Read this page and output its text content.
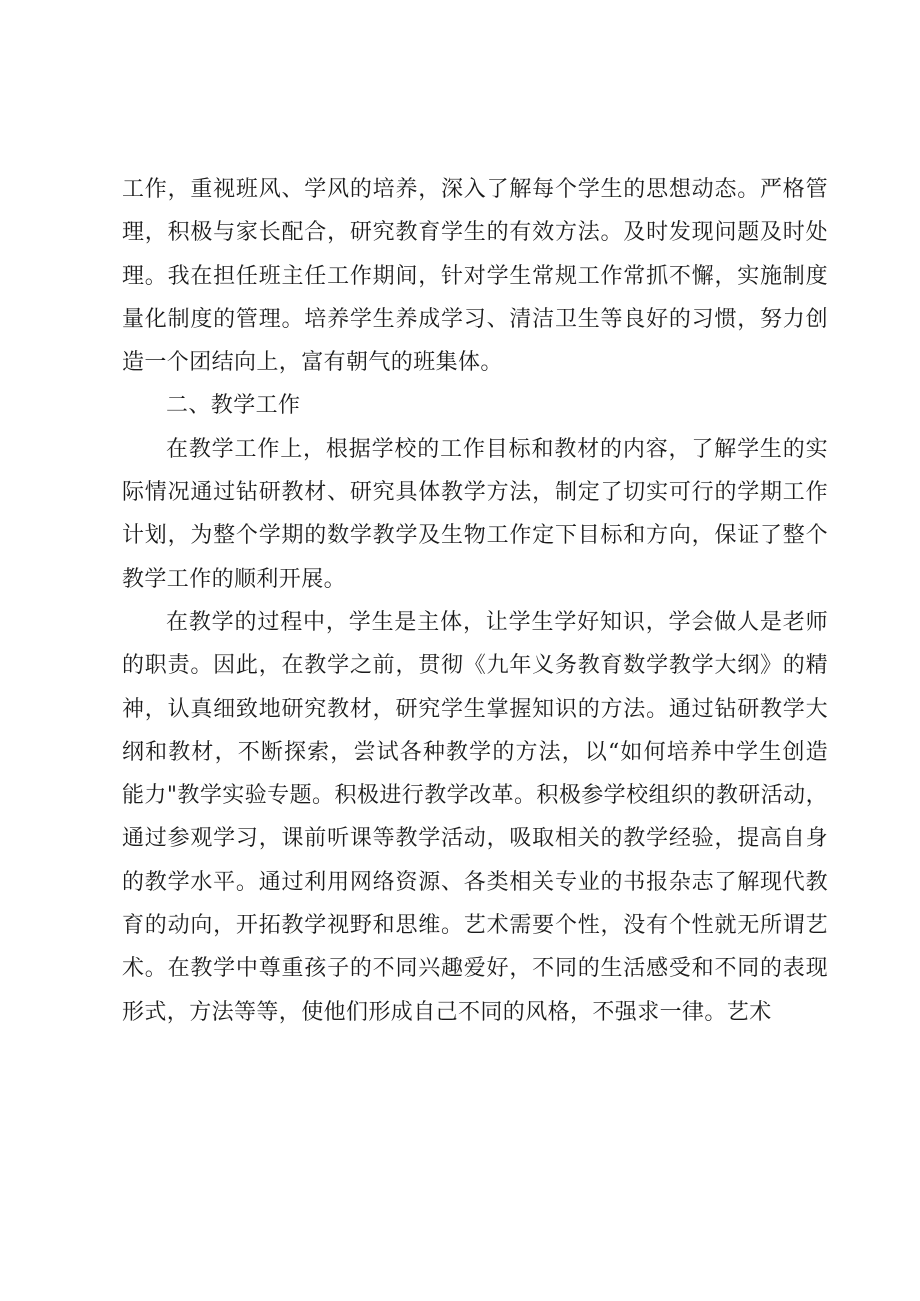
工作，重视班风、学风的培养，深入了解每个学生的思想动态。严格管理，积极与家长配合，研究教育学生的有效方法。及时发现问题及时处理。我在担任班主任工作期间，针对学生常规工作常抓不懈，实施制度量化制度的管理。培养学生养成学习、清洁卫生等良好的习惯，努力创造一个团结向上，富有朝气的班集体。

二、教学工作

在教学工作上，根据学校的工作目标和教材的内容，了解学生的实际情况通过钻研教材、研究具体教学方法，制定了切实可行的学期工作计划，为整个学期的数学教学及生物工作定下目标和方向，保证了整个教学工作的顺利开展。

在教学的过程中，学生是主体，让学生学好知识，学会做人是老师的职责。因此，在教学之前，贯彻《九年义务教育数学教学大纲》的精神，认真细致地研究教材，研究学生掌握知识的方法。通过钻研教学大纲和教材，不断探索，尝试各种教学的方法，以“如何培养中学生创造能力"教学实验专题。积极进行教学改革。积极参学校组织的教研活动，通过参观学习，课前听课等教学活动，吸取相关的教学经验，提高自身的教学水平。通过利用网络资源、各类相关专业的书报杂志了解现代教育的动向，开拓教学视野和思维。艺术需要个性，没有个性就无所谓艺术。在教学中尊重孩子的不同兴趣爱好，不同的生活感受和不同的表现形式，方法等等，使他们形成自己不同的风格，不强求一律。艺术
